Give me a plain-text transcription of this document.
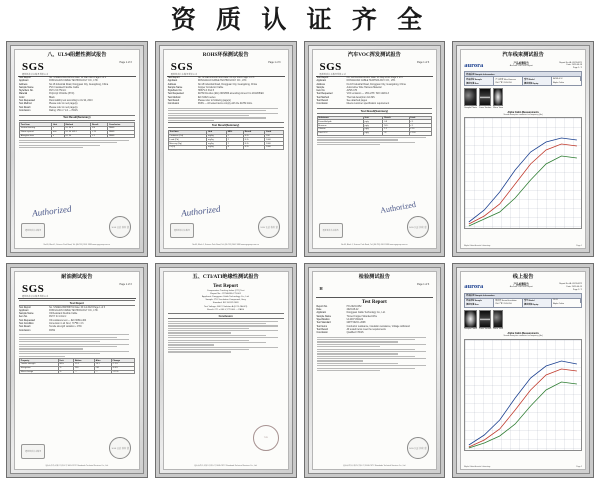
资 质 认 证 齐 全
八、UL94阻燃性测试报告
SGS
通标标准技术服务有限公司
Page 1 of 3
Test Report	No. SHAEC2301234501 Date: 12 Mar 2023 Page 1 of 4
Applicant	DONGGUAN CABLE TECHNOLOGY CO., LTD.
Address	No.18 Industrial Road, Dongguan City, Guangdong, China
Sample Name	PVC Insulated Flexible Cable
Style/Item No.	RVV 2×0.75mm²
Material	Polyvinyl Chloride (PVC)
Color	Black
Test Requested	Flammability test according to UL 94, 2013
Test Method	Please refer to next page(s).
Test Result	Please refer to next page(s).
Conclusion	Rating: VW-1 / V-0 — PASS
Test Result(Summary)
Test Item	Unit	Method	Result	Conclusion
Vertical burning	s	UL 94 V	V-0	PASS
Flame spread	mm	UL 94 VW-1	< 25	PASS
Afterglow time	s	UL 94	< 5	PASS
Authorized
通标标准技术服务
SGS 认证 检验 章
No.69, Block 1, Science Park Road, Tel: (86-755) 2601 1888 www.sgsgroup.com.cn
ROHS环保测试报告
SGS
通标标准技术服务有限公司
Page 1 of 3
Test Report	No. SHAEC2301987602 Date: 05 Apr 2023 Page 1 of 5
Applicant	DONGGUAN CABLE TECHNOLOGY CO., LTD.
Address	No.18 Industrial Road, Dongguan City, Guangdong, China
Sample Name	Copper Conductor Cable
Style/Item No.	H05VV-F 3G1.5
Test Requested	RoHS Directive (EU) 2015/863 amending Annex II to 2011/65/EU
Test Method	IEC 62321 series
Test Result	Please refer to following page(s)
Conclusion	PASS — All tested items comply with the RoHS limits.
Test Result(Summary)
Test Item	Unit	MDL	Result	Limit
Cadmium (Cd)	mg/kg	2	N.D.	100
Lead (Pb)	mg/kg	2	N.D.	1000
Mercury (Hg)	mg/kg	2	N.D.	1000
Cr(VI)	mg/kg	8	N.D.	1000
Authorized
通标标准技术服务
SGS 认证 检验 章
No.69, Block 1, Science Park Road, Tel: (86-755) 2601 1888 www.sgsgroup.com.cn
汽车VOC挥发测试报告
SGS
通标标准技术服务有限公司
Page 1 of 3
Test Report	No. GZHG2302334401 Date: 21 May 2023 Page 1 of 6
Applicant	DONGGUAN CABLE TECHNOLOGY CO., LTD.
Address	No.18 Industrial Road, Dongguan City, Guangdong, China
Sample	Automotive Wire Harness Material
Item No.	AVSS 0.5f
Test Requested	VOC emission — VDA 278 / ISO 12219-3
Test Method	Thermal desorption GC-MS
Test Result	See attached pages
Conclusion	Meets customer specification requirement
Test Result(Summary)
Substance	Unit	Result	Limit
Formaldehyde	µg/g	0.8	≤ 5
Benzene	µg/g	N.D.	≤ 1
Toluene	µg/g	1.2	≤ 10
Total VOC	µg/g	32	≤ 100
Authorized
通标标准技术服务
SGS 认证 检验 章
No.69, Block 1, Science Park Road, Tel: (86-755) 2601 1888 www.sgsgroup.com.cn
汽车线束测试报告
aurora	产品检测报告
Acoustic Lab Test Report
Report No. AL-2023-0871
Date: 2023-06-18
Page 1 / 2
样品信息 Sample Information
样品名称 Sample	汽车线束 Wire Harness	型号 Model	AVSS-0.5f
测试环境 Env.	23±2 ℃ / 50% RH	测试设备 Equip.	Alpha Cabin
Sample Photo Cross Section Micro View
Alpha Cabin Measurements
Sound absorption coefficient vs frequency (Hz)
Alpha Cabin Acoustic Laboratory	Page 1
耐油测试报告
SGS
通标标准技术服务有限公司
Page 1 of 3
Test Report
Test Report	No. SHAEC2304556701 Date: 09 Jul 2023 Page 1 of 3
Applicant	DONGGUAN CABLE TECHNOLOGY CO., LTD.
Sample Name	Oil Resistant Flexible Cable
Item No.	RVVY 4×1.0mm²
Test Requested	Oil resistance test — IEC 60811-404
Test Condition	Immersion in oil No.2, 70 ℃ × 4 h
Test Result	Tensile strength variation ≤ 15%
Conclusion	PASS
Property	Unit	Before	After	Change
Tensile strength	MPa	15.2	14.1	-7.2%
Elongation	%	280	262	-6.4%
Mass change	%	—	—	+1.1%
通标标准技术服务
SGS 认证 检验 章
通标标准技术服务有限公司 SGS-CSTC Standards Technical Services Co., Ltd.
五、CTI/ATI绝缘性测试报告
Test Report
Comparative Tracking Index (CTI) Test
Report No.: 23TH0456-CTI-001
Applicant: Dongguan Cable Technology Co., Ltd.
Sample: PVC Insulation Compound, Grey
Standard: IEC 60112:2009
Test Voltage: 600 V Solution A (0.1% NH4Cl)
Result: CTI = 600 V, PTI 600 — PASS
Conclusion
TUV
通标标准技术服务有限公司 SGS-CSTC Standards Technical Services Co., Ltd.
检验测试报告
$^H$
Page 1 of 3
Test Report
Report No.	HX-2023-0452
Date	2023-08-22
Applicant	Dongguan Cable Technology Co., Ltd.
Sample Name	Tinned Copper Stranded Wire
Specification	UL1007 AWG22
Test Standard	GB/T 5023.1-2008
Test Items	Conductor resistance, Insulation resistance, Voltage withstand
Test Result	All tested items meet the requirements
Conclusion	Qualified / PASS
SGS 认证 检验 章
通标标准技术服务有限公司 SGS-CSTC Standards Technical Services Co., Ltd.
线上报告
aurora	产品检测报告
Acoustic Lab Test Report
Report No. AL-2023-0872
Date: 2023-06-19
Page 2 / 2
样品信息 Sample Information
样品名称 Sample	隔音棉 Sound Insulation	型号 Model	SI-20
测试环境 Env.	23±2 ℃ / 50% RH	测试设备 Equip.	Alpha Cabin
Sample Photo Cross Section Micro View
Alpha Cabin Measurements
Sound absorption coefficient vs frequency (Hz)
Alpha Cabin Acoustic Laboratory	Page 2
